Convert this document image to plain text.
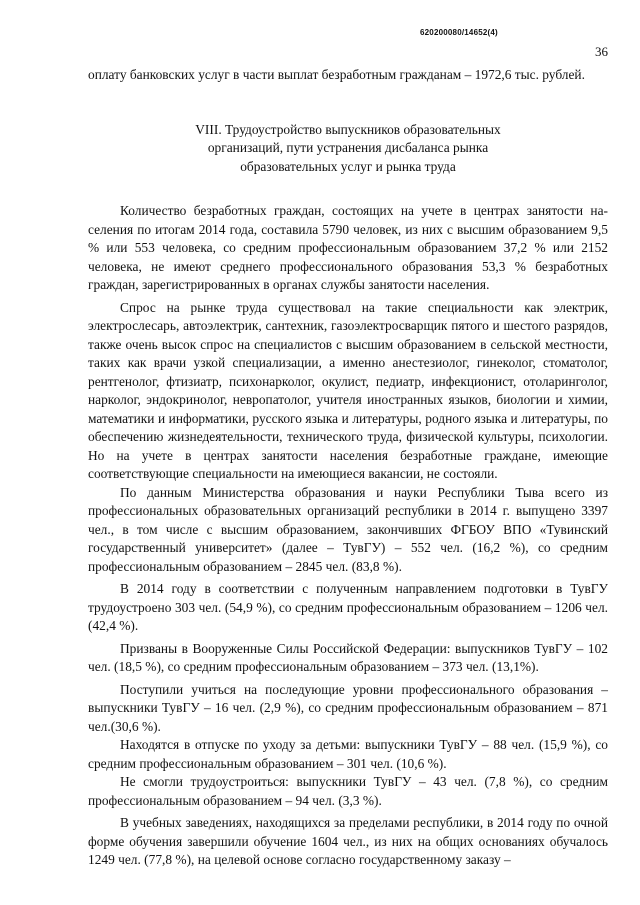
620200080/14652(4)
36

оплату банковских услуг в части выплат безработным гражданам – 1972,6 тыс. рублей.

VIII. Трудоустройство выпускников образовательных
организаций, пути устранения дисбаланса рынка
образовательных услуг и рынка труда

Количество безработных граждан, состоящих на учете в центрах занятости населения по итогам 2014 года, составила 5790 человек, из них с высшим образованием 9,5 % или 553 человека, со средним профессиональным образованием 37,2 % или 2152 человека, не имеют среднего профессионального образования 53,3 % безработных граждан, зарегистрированных в органах службы занятости населения.

Спрос на рынке труда существовал на такие специальности как электрик, электрослесарь, автоэлектрик, сантехник, газоэлектросварщик пятого и шестого разрядов, также очень высок спрос на специалистов с высшим образованием в сельской местности, таких как врачи узкой специализации, а именно анестезиолог, гинеколог, стоматолог, рентгенолог, фтизиатр, психонарколог, окулист, педиатр, инфекционист, отоларинголог, нарколог, эндокринолог, невропатолог, учителя иностранных языков, биологии и химии, математики и информатики, русского языка и литературы, родного языка и литературы, по обеспечению жизнедеятельности, технического труда, физической культуры, психологии. Но на учете в центрах занятости населения безработные граждане, имеющие соответствующие специальности на имеющиеся вакансии, не состояли.

По данным Министерства образования и науки Республики Тыва всего из профессиональных образовательных организаций республики в 2014 г. выпущено 3397 чел., в том числе с высшим образованием, закончивших ФГБОУ ВПО «Тувинский государственный университет» (далее – ТувГУ) – 552 чел. (16,2 %), со средним профессиональным образованием – 2845 чел. (83,8 %).

В 2014 году в соответствии с полученным направлением подготовки в ТувГУ трудоустроено 303 чел. (54,9 %), со средним профессиональным образованием – 1206 чел. (42,4 %).

Призваны в Вооруженные Силы Российской Федерации: выпускников ТувГУ – 102 чел. (18,5 %), со средним профессиональным образованием – 373 чел. (13,1%).

Поступили учиться на последующие уровни профессионального образования – выпускники ТувГУ – 16 чел. (2,9 %), со средним профессиональным образованием – 871 чел.(30,6 %).

Находятся в отпуске по уходу за детьми: выпускники ТувГУ – 88 чел. (15,9 %), со средним профессиональным образованием – 301 чел. (10,6 %).

Не смогли трудоустроиться: выпускники ТувГУ – 43 чел. (7,8 %), со средним профессиональным образованием – 94 чел. (3,3 %).

В учебных заведениях, находящихся за пределами республики, в 2014 году по очной форме обучения завершили обучение 1604 чел., из них на общих основаниях обучалось 1249 чел. (77,8 %), на целевой основе согласно государственному заказу –
